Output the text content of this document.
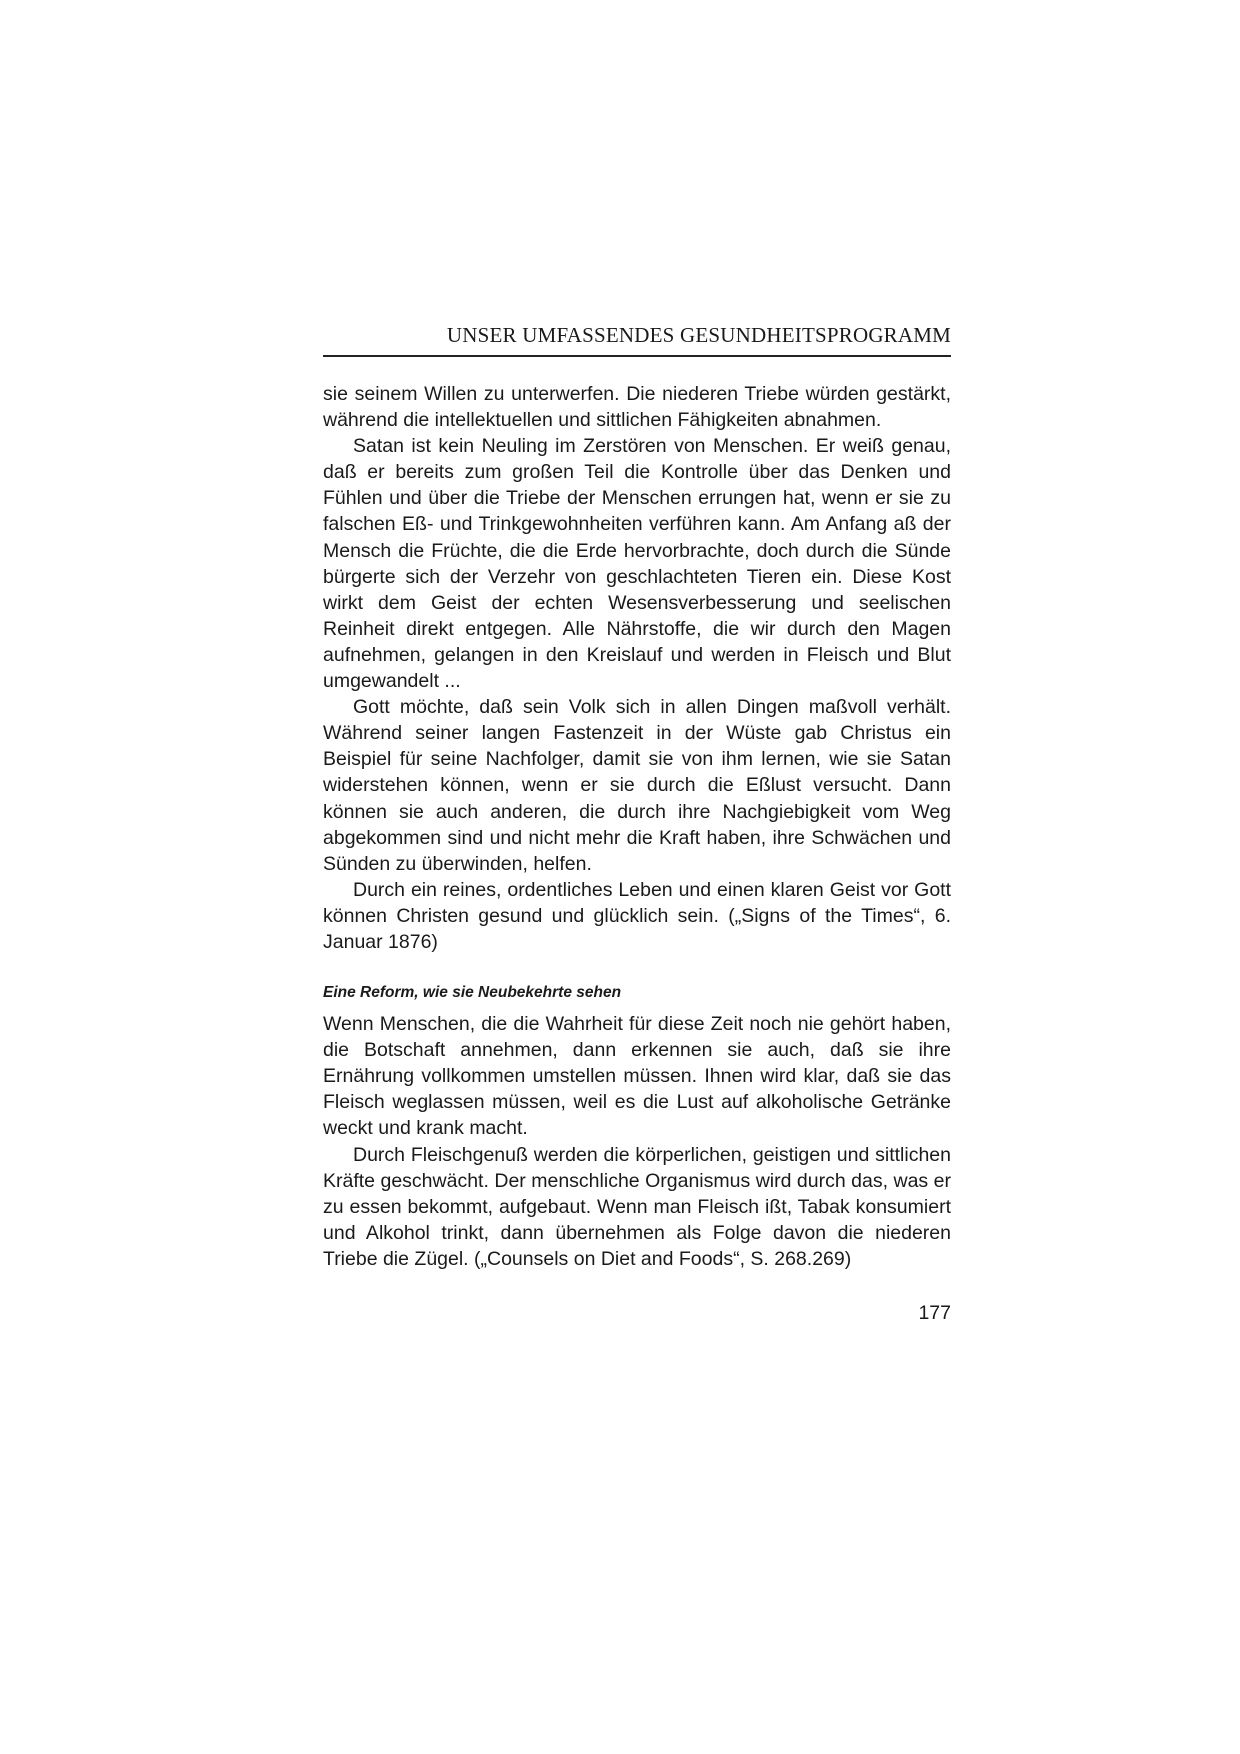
UNSER UMFASSENDES GESUNDHEITSPROGRAMM

sie seinem Willen zu unterwerfen. Die niederen Triebe würden gestärkt, während die intellektuellen und sittlichen Fähigkeiten abnahmen.

Satan ist kein Neuling im Zerstören von Menschen. Er weiß genau, daß er bereits zum großen Teil die Kontrolle über das Denken und Fühlen und über die Triebe der Menschen errungen hat, wenn er sie zu falschen Eß- und Trinkgewohnheiten verführen kann. Am Anfang aß der Mensch die Früchte, die die Erde hervorbrachte, doch durch die Sünde bürgerte sich der Verzehr von geschlachteten Tieren ein. Diese Kost wirkt dem Geist der echten Wesensverbesserung und seelischen Reinheit direkt entgegen. Alle Nährstoffe, die wir durch den Magen aufnehmen, gelangen in den Kreislauf und werden in Fleisch und Blut umgewandelt ...

Gott möchte, daß sein Volk sich in allen Dingen maßvoll verhält. Während seiner langen Fastenzeit in der Wüste gab Christus ein Beispiel für seine Nachfolger, damit sie von ihm lernen, wie sie Satan widerstehen können, wenn er sie durch die Eßlust versucht. Dann können sie auch anderen, die durch ihre Nachgiebigkeit vom Weg abgekommen sind und nicht mehr die Kraft haben, ihre Schwächen und Sünden zu überwinden, helfen.

Durch ein reines, ordentliches Leben und einen klaren Geist vor Gott können Christen gesund und glücklich sein. („Signs of the Times“, 6. Januar 1876)

Eine Reform, wie sie Neubekehrte sehen

Wenn Menschen, die die Wahrheit für diese Zeit noch nie gehört haben, die Botschaft annehmen, dann erkennen sie auch, daß sie ihre Ernährung vollkommen umstellen müssen. Ihnen wird klar, daß sie das Fleisch weglassen müssen, weil es die Lust auf alkoholische Getränke weckt und krank macht.

Durch Fleischgenuß werden die körperlichen, geistigen und sittlichen Kräfte geschwächt. Der menschliche Organismus wird durch das, was er zu essen bekommt, aufgebaut. Wenn man Fleisch ißt, Tabak konsumiert und Alkohol trinkt, dann übernehmen als Folge davon die niederen Triebe die Zügel. („Counsels on Diet and Foods“, S. 268.269)

177
